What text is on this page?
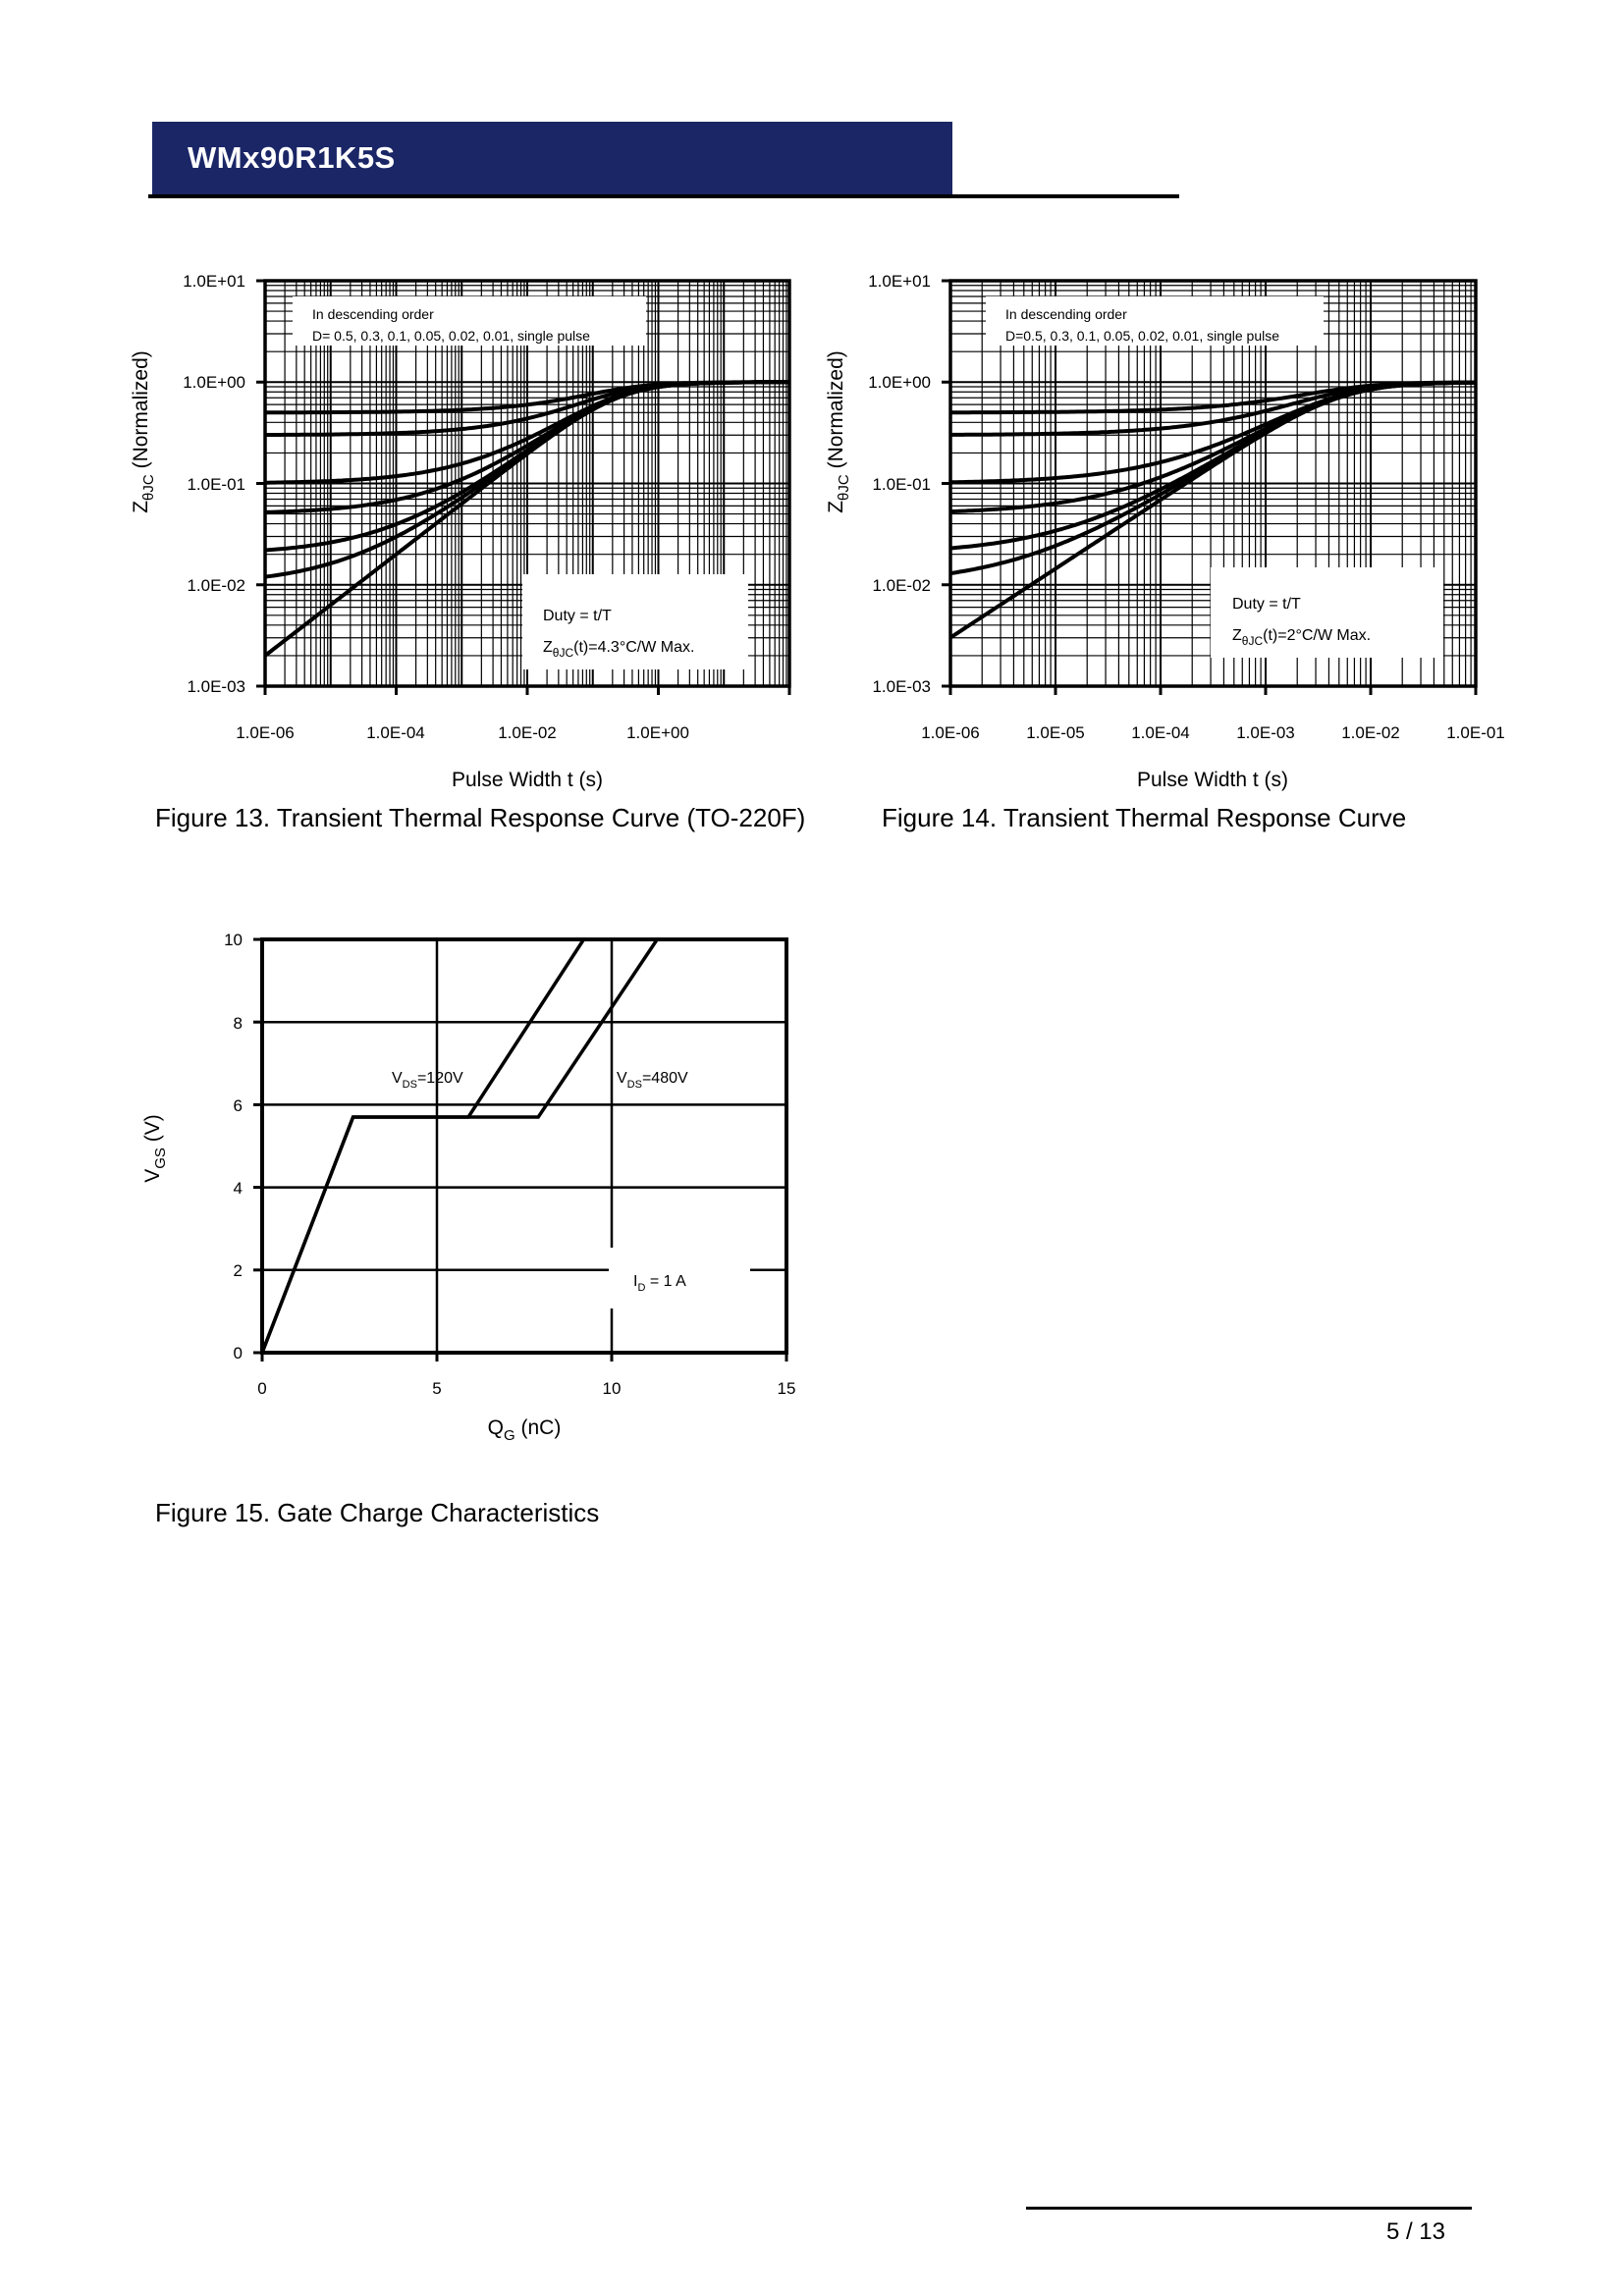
WMx90R1K5S
In descending order
D= 0.5, 0.3, 0.1, 0.05, 0.02, 0.01, single pulse
Duty = t/T
$Z_{\theta JC}(t)=4.3^\circ C/W$ Max.
1.0E+01
1.0E+00
1.0E-01
1.0E-02
1.0E-03
1.0E-06	1.0E-04	1.0E-02	1.0E+00
Pulse Width t (s)
$Z_{\theta JC}$ (Normalized)
In descending order
D=0.5, 0.3, 0.1, 0.05, 0.02, 0.01, single pulse
Duty = t/T
$Z_{\theta JC}(t)=2^\circ C/W$ Max.
1.0E+01
1.0E+00
1.0E-01
1.0E-02
1.0E-03
1.0E-06	1.0E-05	1.0E-04	1.0E-03	1.0E-02	1.0E-01
Pulse Width t (s)
$Z_{\theta JC}$ (Normalized)
$I_D = 1$ A
$V_{DS}=120V$	$V_{DS}=480V$
0
2
4
6
8
10
0	5	10	15
$Q_G$ (nC)
$V_{GS}$ (V)
Figure 13. Transient Thermal Response Curve (TO-220F)	Figure 14. Transient Thermal Response Curve
Figure 15. Gate Charge Characteristics
5 / 13
